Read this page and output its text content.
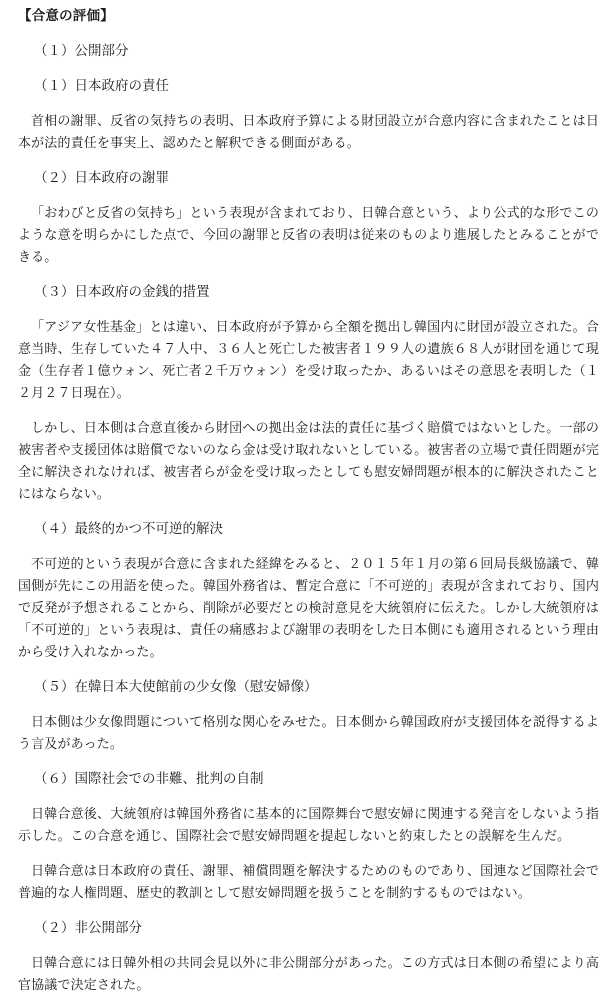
【合意の評価】
（１）公開部分
（１）日本政府の責任

首相の謝罪、反省の気持ちの表明、日本政府予算による財団設立が合意内容に含まれたことは日本が法的責任を事実上、認めたと解釈できる側面がある。

（２）日本政府の謝罪

「おわびと反省の気持ち」という表現が含まれており、日韓合意という、より公式的な形でこのような意を明らかにした点で、今回の謝罪と反省の表明は従来のものより進展したとみることができる。

（３）日本政府の金銭的措置

「アジア女性基金」とは違い、日本政府が予算から全額を拠出し韓国内に財団が設立された。合意当時、生存していた４７人中、３６人と死亡した被害者１９９人の遺族６８人が財団を通じて現金（生存者１億ウォン、死亡者２千万ウォン）を受け取ったか、あるいはその意思を表明した（１２月２７日現在）。

しかし、日本側は合意直後から財団への拠出金は法的責任に基づく賠償ではないとした。一部の被害者や支援団体は賠償でないのなら金は受け取れないとしている。被害者の立場で責任問題が完全に解決されなければ、被害者らが金を受け取ったとしても慰安婦問題が根本的に解決されたことにはならない。

（４）最終的かつ不可逆的解決

不可逆的という表現が合意に含まれた経緯をみると、２０１５年１月の第６回局長級協議で、韓国側が先にこの用語を使った。韓国外務省は、暫定合意に「不可逆的」表現が含まれており、国内で反発が予想されることから、削除が必要だとの検討意見を大統領府に伝えた。しかし大統領府は「不可逆的」という表現は、責任の痛感および謝罪の表明をした日本側にも適用されるという理由から受け入れなかった。

（５）在韓日本大使館前の少女像（慰安婦像）

日本側は少女像問題について格別な関心をみせた。日本側から韓国政府が支援団体を説得するよう言及があった。

（６）国際社会での非難、批判の自制

日韓合意後、大統領府は韓国外務省に基本的に国際舞台で慰安婦に関連する発言をしないよう指示した。この合意を通じ、国際社会で慰安婦問題を提起しないと約束したとの誤解を生んだ。

日韓合意は日本政府の責任、謝罪、補償問題を解決するためのものであり、国連など国際社会で普遍的な人権問題、歴史的教訓として慰安婦問題を扱うことを制約するものではない。

（２）非公開部分

日韓合意には日韓外相の共同会見以外に非公開部分があった。この方式は日本側の希望により高官協議で決定された。
